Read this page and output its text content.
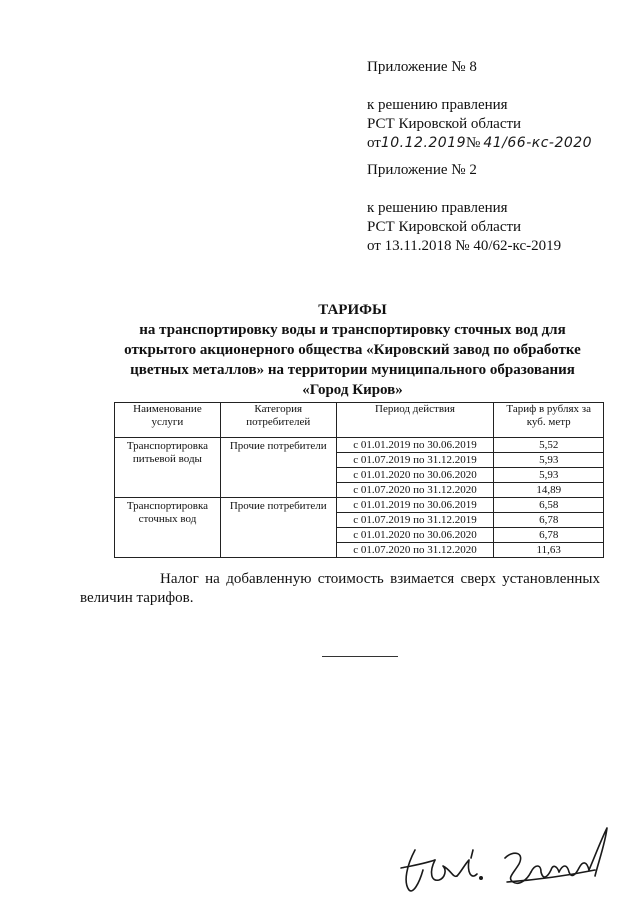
Приложение № 8
к решению правления
РСТ Кировской области
от10.12.2019№ 41/66-кс-2020
Приложение № 2
к решению правления
РСТ Кировской области
от 13.11.2018 № 40/62-кс-2019
ТАРИФЫ
на транспортировку воды и транспортировку сточных вод для
открытого акционерного общества «Кировский завод по обработке
цветных металлов» на территории муниципального образования
«Город Киров»
Наименование услуги	Категория потребителей	Период действия	Тариф в рублях за куб. метр
Транспортировка питьевой воды	Прочие потребители	с 01.01.2019 по 30.06.2019	5,52
		с 01.07.2019 по 31.12.2019	5,93
		с 01.01.2020 по 30.06.2020	5,93
		с 01.07.2020 по 31.12.2020	14,89
Транспортировка сточных вод	Прочие потребители	с 01.01.2019 по 30.06.2019	6,58
		с 01.07.2019 по 31.12.2019	6,78
		с 01.01.2020 по 30.06.2020	6,78
		с 01.07.2020 по 31.12.2020	11,63
Налог на добавленную стоимость взимается сверх установленных величин тарифов.
